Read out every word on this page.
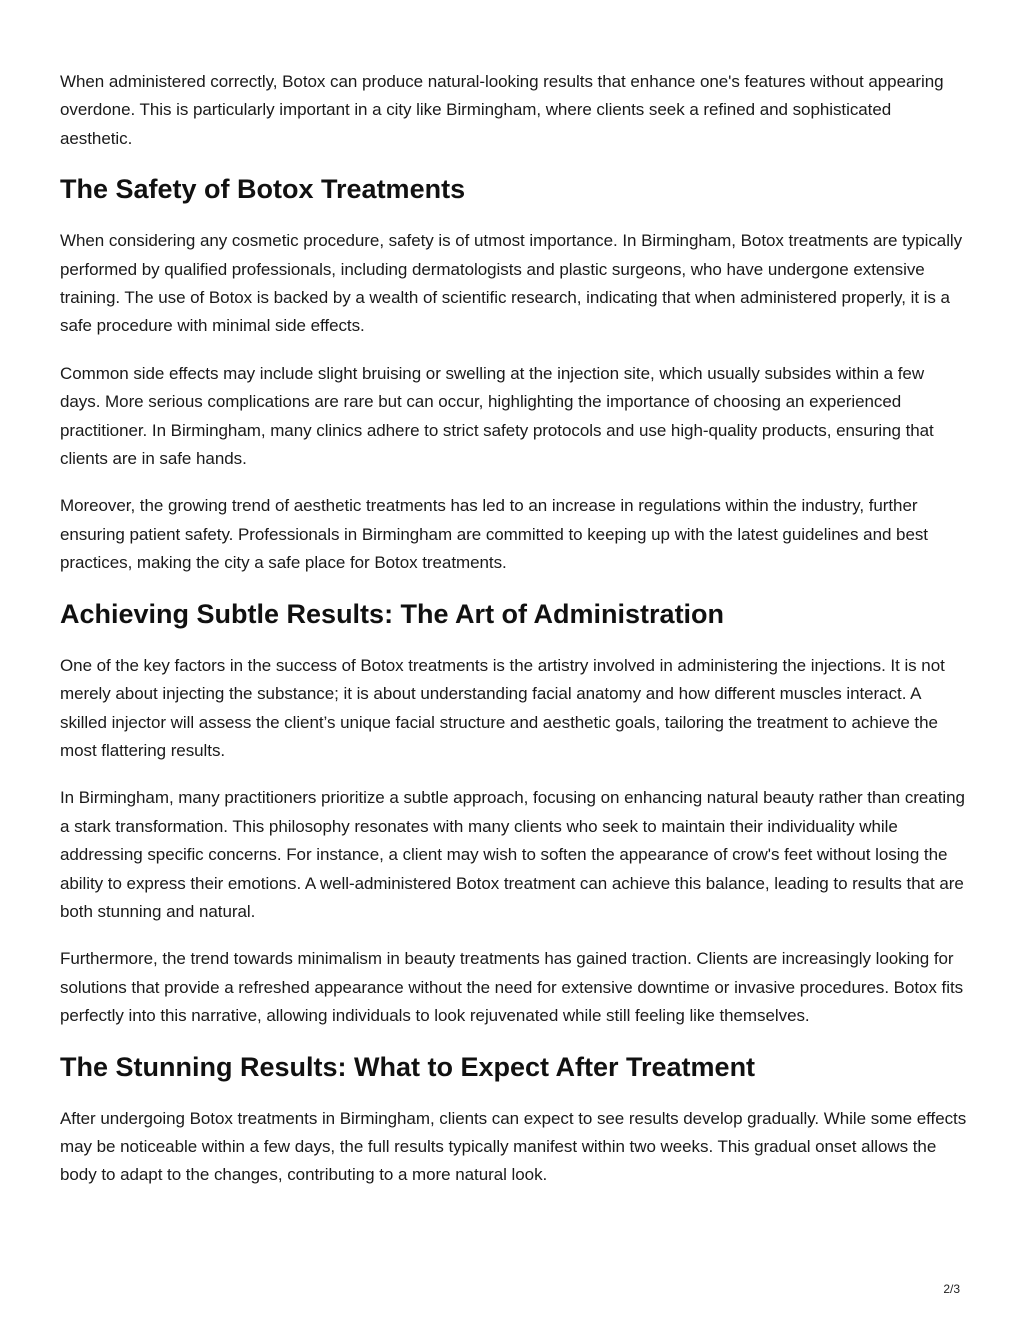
When administered correctly, Botox can produce natural-looking results that enhance one's features without appearing overdone. This is particularly important in a city like Birmingham, where clients seek a refined and sophisticated aesthetic.

The Safety of Botox Treatments

When considering any cosmetic procedure, safety is of utmost importance. In Birmingham, Botox treatments are typically performed by qualified professionals, including dermatologists and plastic surgeons, who have undergone extensive training. The use of Botox is backed by a wealth of scientific research, indicating that when administered properly, it is a safe procedure with minimal side effects.

Common side effects may include slight bruising or swelling at the injection site, which usually subsides within a few days. More serious complications are rare but can occur, highlighting the importance of choosing an experienced practitioner. In Birmingham, many clinics adhere to strict safety protocols and use high-quality products, ensuring that clients are in safe hands.

Moreover, the growing trend of aesthetic treatments has led to an increase in regulations within the industry, further ensuring patient safety. Professionals in Birmingham are committed to keeping up with the latest guidelines and best practices, making the city a safe place for Botox treatments.

Achieving Subtle Results: The Art of Administration

One of the key factors in the success of Botox treatments is the artistry involved in administering the injections. It is not merely about injecting the substance; it is about understanding facial anatomy and how different muscles interact. A skilled injector will assess the client’s unique facial structure and aesthetic goals, tailoring the treatment to achieve the most flattering results.

In Birmingham, many practitioners prioritize a subtle approach, focusing on enhancing natural beauty rather than creating a stark transformation. This philosophy resonates with many clients who seek to maintain their individuality while addressing specific concerns. For instance, a client may wish to soften the appearance of crow's feet without losing the ability to express their emotions. A well-administered Botox treatment can achieve this balance, leading to results that are both stunning and natural.

Furthermore, the trend towards minimalism in beauty treatments has gained traction. Clients are increasingly looking for solutions that provide a refreshed appearance without the need for extensive downtime or invasive procedures. Botox fits perfectly into this narrative, allowing individuals to look rejuvenated while still feeling like themselves.

The Stunning Results: What to Expect After Treatment

After undergoing Botox treatments in Birmingham, clients can expect to see results develop gradually. While some effects may be noticeable within a few days, the full results typically manifest within two weeks. This gradual onset allows the body to adapt to the changes, contributing to a more natural look.

2/3
